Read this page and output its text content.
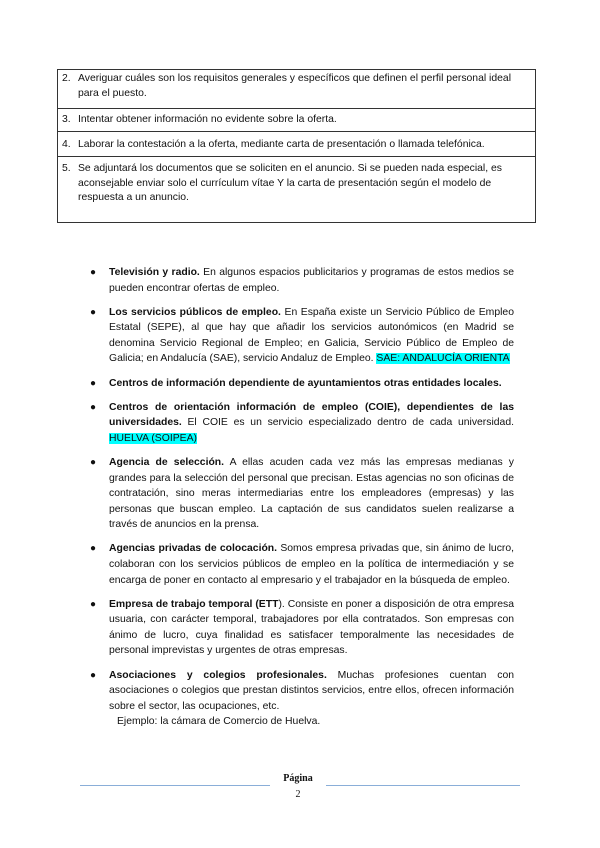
2. Averiguar cuáles son los requisitos generales y específicos que definen el perfil personal ideal para el puesto.

3. Intentar obtener información no evidente sobre la oferta.

4. Laborar la contestación a la oferta, mediante carta de presentación o llamada telefónica.

5. Se adjuntará los documentos que se soliciten en el anuncio. Si se pueden nada especial, es aconsejable enviar solo el currículum vítae Y la carta de presentación según el modelo de respuesta a un anuncio.
● Televisión y radio. En algunos espacios publicitarios y programas de estos medios se pueden encontrar ofertas de empleo.
● Los servicios públicos de empleo. En España existe un Servicio Público de Empleo Estatal (SEPE), al que hay que añadir los servicios autonómicos (en Madrid se denomina Servicio Regional de Empleo; en Galicia, Servicio Público de Empleo de Galicia; en Andalucía (SAE), servicio Andaluz de Empleo. SAE: ANDALUCÍA ORIENTA
● Centros de información dependiente de ayuntamientos otras entidades locales.
● Centros de orientación información de empleo (COIE), dependientes de las universidades. El COIE es un servicio especializado dentro de cada universidad. HUELVA (SOIPEA)
● Agencia de selección. A ellas acuden cada vez más las empresas medianas y grandes para la selección del personal que precisan. Estas agencias no son oficinas de contratación, sino meras intermediarias entre los empleadores (empresas) y las personas que buscan empleo. La captación de sus candidatos suelen realizarse a través de anuncios en la prensa.
● Agencias privadas de colocación. Somos empresa privadas que, sin ánimo de lucro, colaboran con los servicios públicos de empleo en la política de intermediación y se encarga de poner en contacto al empresario y el trabajador en la búsqueda de empleo.
● Empresa de trabajo temporal (ETT). Consiste en poner a disposición de otra empresa usuaria, con carácter temporal, trabajadores por ella contratados. Son empresas con ánimo de lucro, cuya finalidad es satisfacer temporalmente las necesidades de personal imprevistas y urgentes de otras empresas.
● Asociaciones y colegios profesionales. Muchas profesiones cuentan con asociaciones o colegios que prestan distintos servicios, entre ellos, ofrecen información sobre el sector, las ocupaciones, etc.
Ejemplo: la cámara de Comercio de Huelva.
Página
2
